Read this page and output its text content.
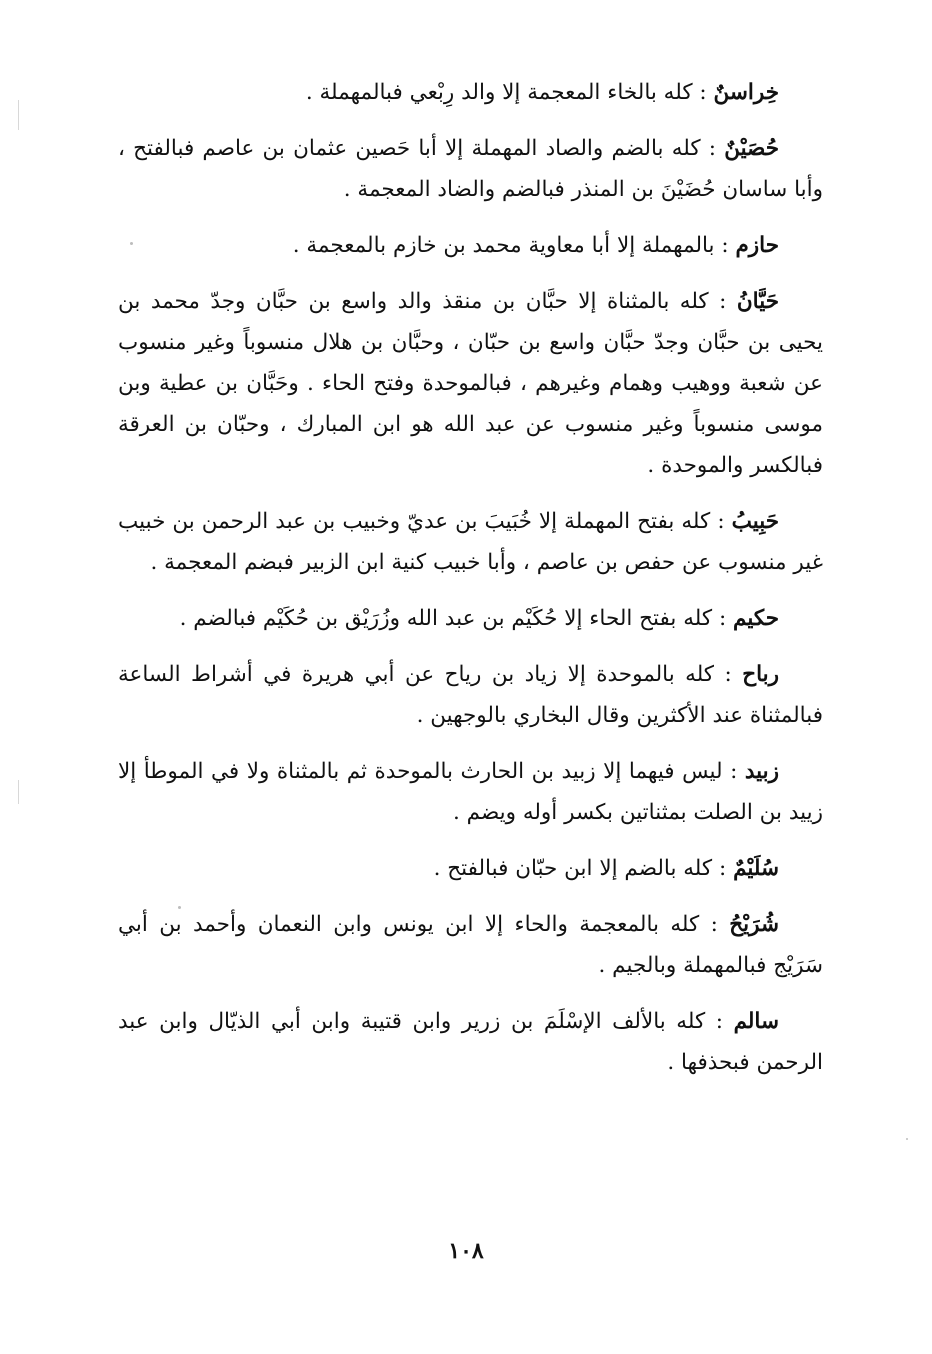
خِراسنٌ : كله بالخاء المعجمة إلا والد رِبْعي فبالمهملة .

حُصَيْنٌ : كله بالضم والصاد المهملة إلا أبا حَصين عثمان بن عاصم فبالفتح ، وأبا ساسان حُضَيْنَ بن المنذر فبالضم والضاد المعجمة .

حازم : بالمهملة إلا أبا معاوية محمد بن خازم بالمعجمة .

حَيَّانُ : كله بالمثناة إلا حبَّان بن منقذ والد واسع بن حبَّان وجدّ محمد بن يحيى بن حبَّان وجدّ حبَّان واسع بن حبّان ، وحبَّان بن هلال منسوباً وغير منسوب عن شعبة ووهيب وهمام وغيرهم ، فبالموحدة وفتح الحاء . وحَبَّان بن عطية وبن موسى منسوباً وغير منسوب عن عبد الله هو ابن المبارك ، وحبّان بن العرقة فبالكسر والموحدة .

حَبِيبُ : كله بفتح المهملة إلا خُبَيبَ بن عديّ وخبيب بن عبد الرحمن بن خبيب غير منسوب عن حفص بن عاصم ، وأبا خبيب كنية ابن الزبير فبضم المعجمة .

حكيم : كله بفتح الحاء إلا حُكَيْم بن عبد الله وزُرَيْق بن حُكَيْم فبالضم .

رباح : كله بالموحدة إلا زياد بن رياح عن أبي هريرة في أشراط الساعة فبالمثناة عند الأكثرين وقال البخاري بالوجهين .

زبيد : ليس فيهما إلا زبيد بن الحارث بالموحدة ثم بالمثناة ولا في الموطأ إلا زييد بن الصلت بمثناتين بكسر أوله ويضم .

سُلَيْمٌ : كله بالضم إلا ابن حبّان فبالفتح .

شُرَيْحُ : كله بالمعجمة والحاء إلا ابن يونس وابن النعمان وأحمد بن أبي سَرَيْج فبالمهملة وبالجيم .

سالم : كله بالألف الإسْلَمَ بن زرير وابن قتيبة وابن أبي الذيّال وابن عبد الرحمن فبحذفها .

١٠٨
